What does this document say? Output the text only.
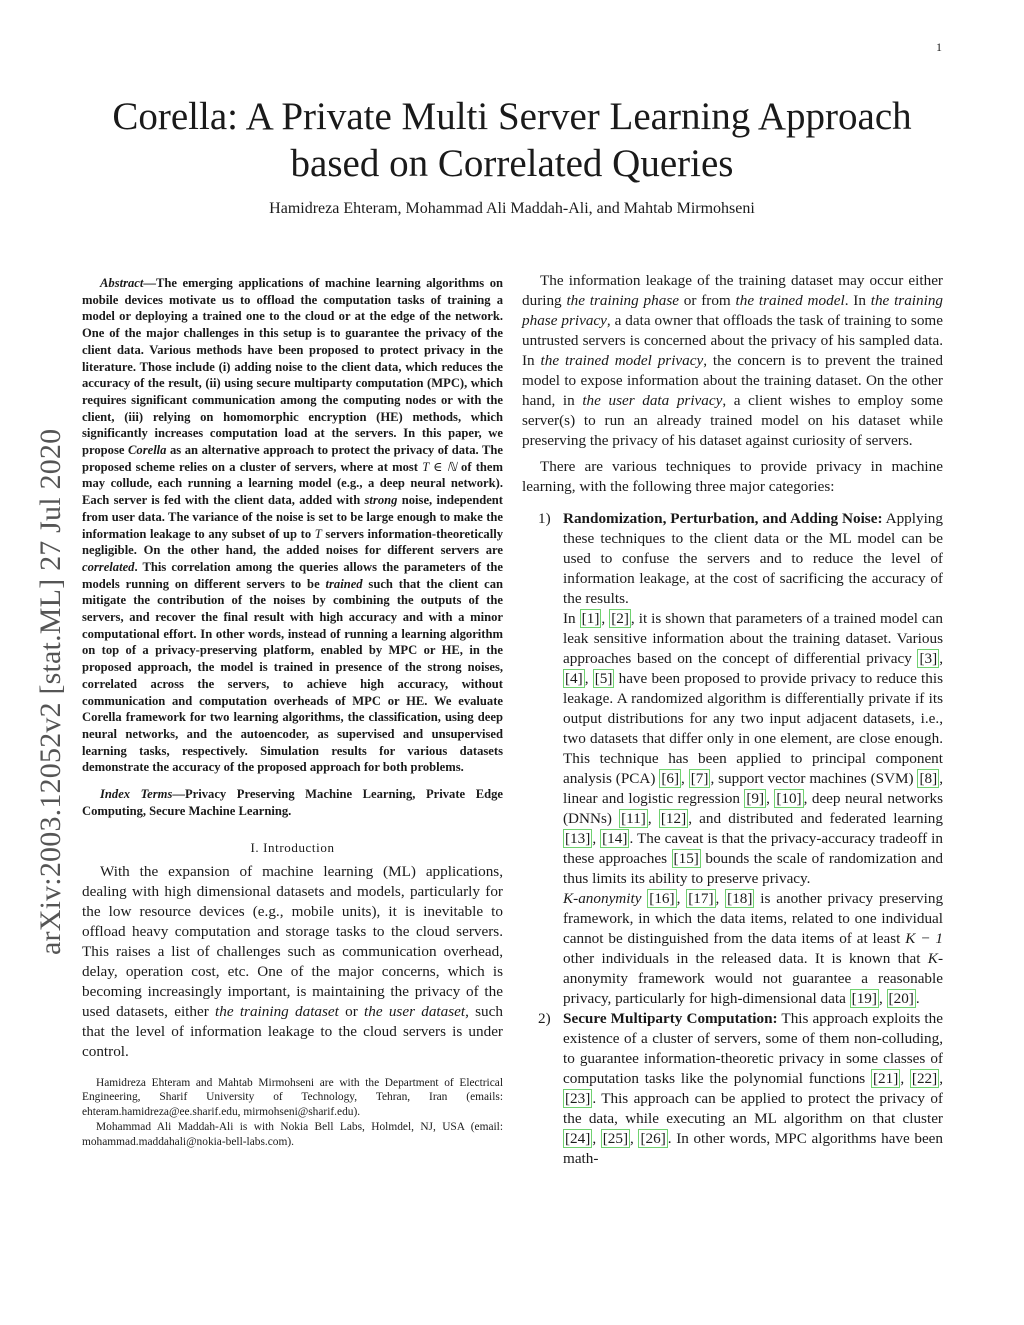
1
arXiv:2003.12052v2 [stat.ML] 27 Jul 2020
Corella: A Private Multi Server Learning Approach
based on Correlated Queries
Hamidreza Ehteram, Mohammad Ali Maddah-Ali, and Mahtab Mirmohseni

Abstract—The emerging applications of machine learning algorithms on mobile devices motivate us to offload the computation tasks of training a model or deploying a trained one to the cloud or at the edge of the network. One of the major challenges in this setup is to guarantee the privacy of the client data. Various methods have been proposed to protect privacy in the literature. Those include (i) adding noise to the client data, which reduces the accuracy of the result, (ii) using secure multiparty computation (MPC), which requires significant communication among the computing nodes or with the client, (iii) relying on homomorphic encryption (HE) methods, which significantly increases computation load at the servers. In this paper, we propose Corella as an alternative approach to protect the privacy of data. The proposed scheme relies on a cluster of servers, where at most T ∈ ℕ of them may collude, each running a learning model (e.g., a deep neural network). Each server is fed with the client data, added with strong noise, independent from user data. The variance of the noise is set to be large enough to make the information leakage to any subset of up to T servers information-theoretically negligible. On the other hand, the added noises for different servers are correlated. This correlation among the queries allows the parameters of the models running on different servers to be trained such that the client can mitigate the contribution of the noises by combining the outputs of the servers, and recover the final result with high accuracy and with a minor computational effort. In other words, instead of running a learning algorithm on top of a privacy-preserving platform, enabled by MPC or HE, in the proposed approach, the model is trained in presence of the strong noises, correlated across the servers, to achieve high accuracy, without communication and computation overheads of MPC or HE. We evaluate Corella framework for two learning algorithms, the classification, using deep neural networks, and the autoencoder, as supervised and unsupervised learning tasks, respectively. Simulation results for various datasets demonstrate the accuracy of the proposed approach for both problems.

Index Terms—Privacy Preserving Machine Learning, Private Edge Computing, Secure Machine Learning.

I. Introduction

With the expansion of machine learning (ML) applications, dealing with high dimensional datasets and models, particularly for the low resource devices (e.g., mobile units), it is inevitable to offload heavy computation and storage tasks to the cloud servers. This raises a list of challenges such as communication overhead, delay, operation cost, etc. One of the major concerns, which is becoming increasingly important, is maintaining the privacy of the used datasets, either the training dataset or the user dataset, such that the level of information leakage to the cloud servers is under control.

Hamidreza Ehteram and Mahtab Mirmohseni are with the Department of Electrical Engineering, Sharif University of Technology, Tehran, Iran (emails: ehteram.hamidreza@ee.sharif.edu, mirmohseni@sharif.edu).

Mohammad Ali Maddah-Ali is with Nokia Bell Labs, Holmdel, NJ, USA (email: mohammad.maddahali@nokia-bell-labs.com).

The information leakage of the training dataset may occur either during the training phase or from the trained model. In the training phase privacy, a data owner that offloads the task of training to some untrusted servers is concerned about the privacy of his sampled data. In the trained model privacy, the concern is to prevent the trained model to expose information about the training dataset. On the other hand, in the user data privacy, a client wishes to employ some server(s) to run an already trained model on his dataset while preserving the privacy of his dataset against curiosity of servers.

There are various techniques to provide privacy in machine learning, with the following three major categories:

1) Randomization, Perturbation, and Adding Noise: Applying these techniques to the client data or the ML model can be used to confuse the servers and to reduce the level of information leakage, at the cost of sacrificing the accuracy of the results.

In [1] , [2] , it is shown that parameters of a trained model can leak sensitive information about the training dataset. Various approaches based on the concept of differential privacy [3] , [4] , [5] have been proposed to provide privacy to reduce this leakage. A randomized algorithm is differentially private if its output distributions for any two input adjacent datasets, i.e., two datasets that differ only in one element, are close enough. This technique has been applied to principal component analysis (PCA) [6] , [7] , support vector machines (SVM) [8] , linear and logistic regression [9] , [10] , deep neural networks (DNNs) [11] , [12] , and distributed and federated learning [13] , [14] . The caveat is that the privacy-accuracy tradeoff in these approaches [15] bounds the scale of randomization and thus limits its ability to preserve privacy.

K-anonymity [16] , [17] , [18] is another privacy preserving framework, in which the data items, related to one individual cannot be distinguished from the data items of at least K − 1 other individuals in the released data. It is known that K-anonymity framework would not guarantee a reasonable privacy, particularly for high-dimensional data [19] , [20] .

2) Secure Multiparty Computation: This approach exploits the existence of a cluster of servers, some of them non-colluding, to guarantee information-theoretic privacy in some classes of computation tasks like the polynomial functions [21] , [22] , [23] . This approach can be applied to protect the privacy of the data, while executing an ML algorithm on that cluster [24] , [25] , [26] . In other words, MPC algorithms have been math-
